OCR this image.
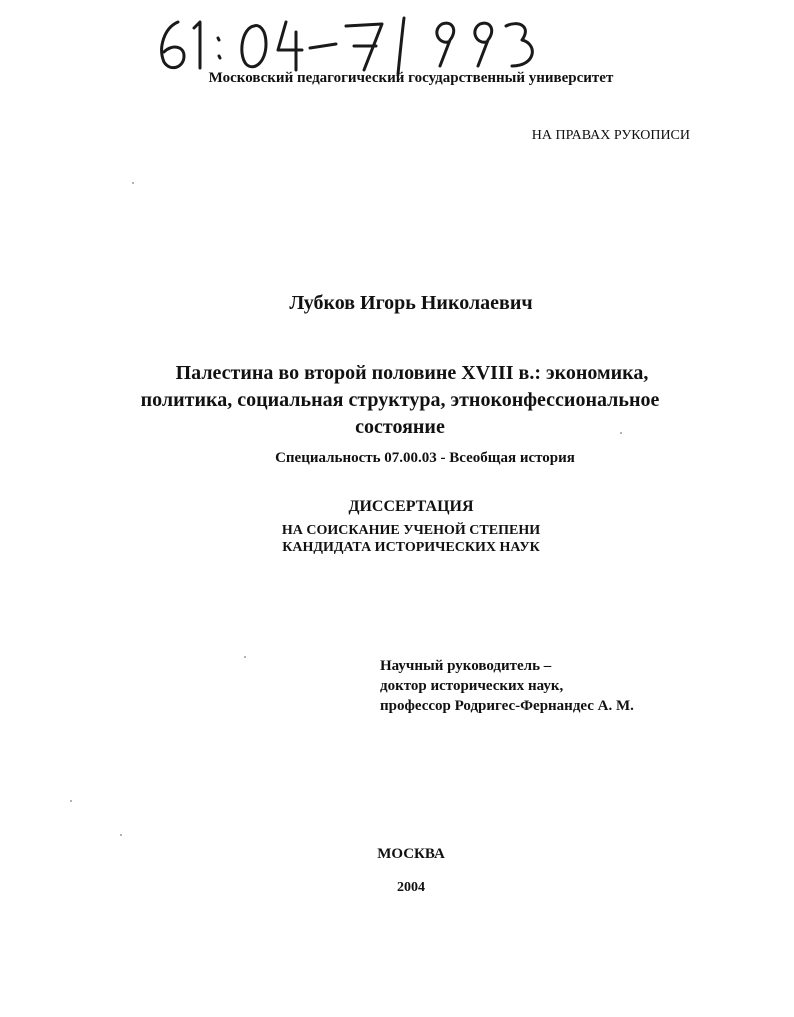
Московский педагогический государственный университет
НА ПРАВАХ РУКОПИСИ
Лубков Игорь Николаевич
Палестина во второй половине XVIII в.: экономика,
политика, социальная структура, этноконфессиональное
состояние
Специальность 07.00.03 - Всеобщая история
ДИССЕРТАЦИЯ
НА СОИСКАНИЕ УЧЕНОЙ СТЕПЕНИ
КАНДИДАТА ИСТОРИЧЕСКИХ НАУК
Научный руководитель –
доктор исторических наук,
профессор Родригес-Фернандес А. М.
МОСКВА
2004
